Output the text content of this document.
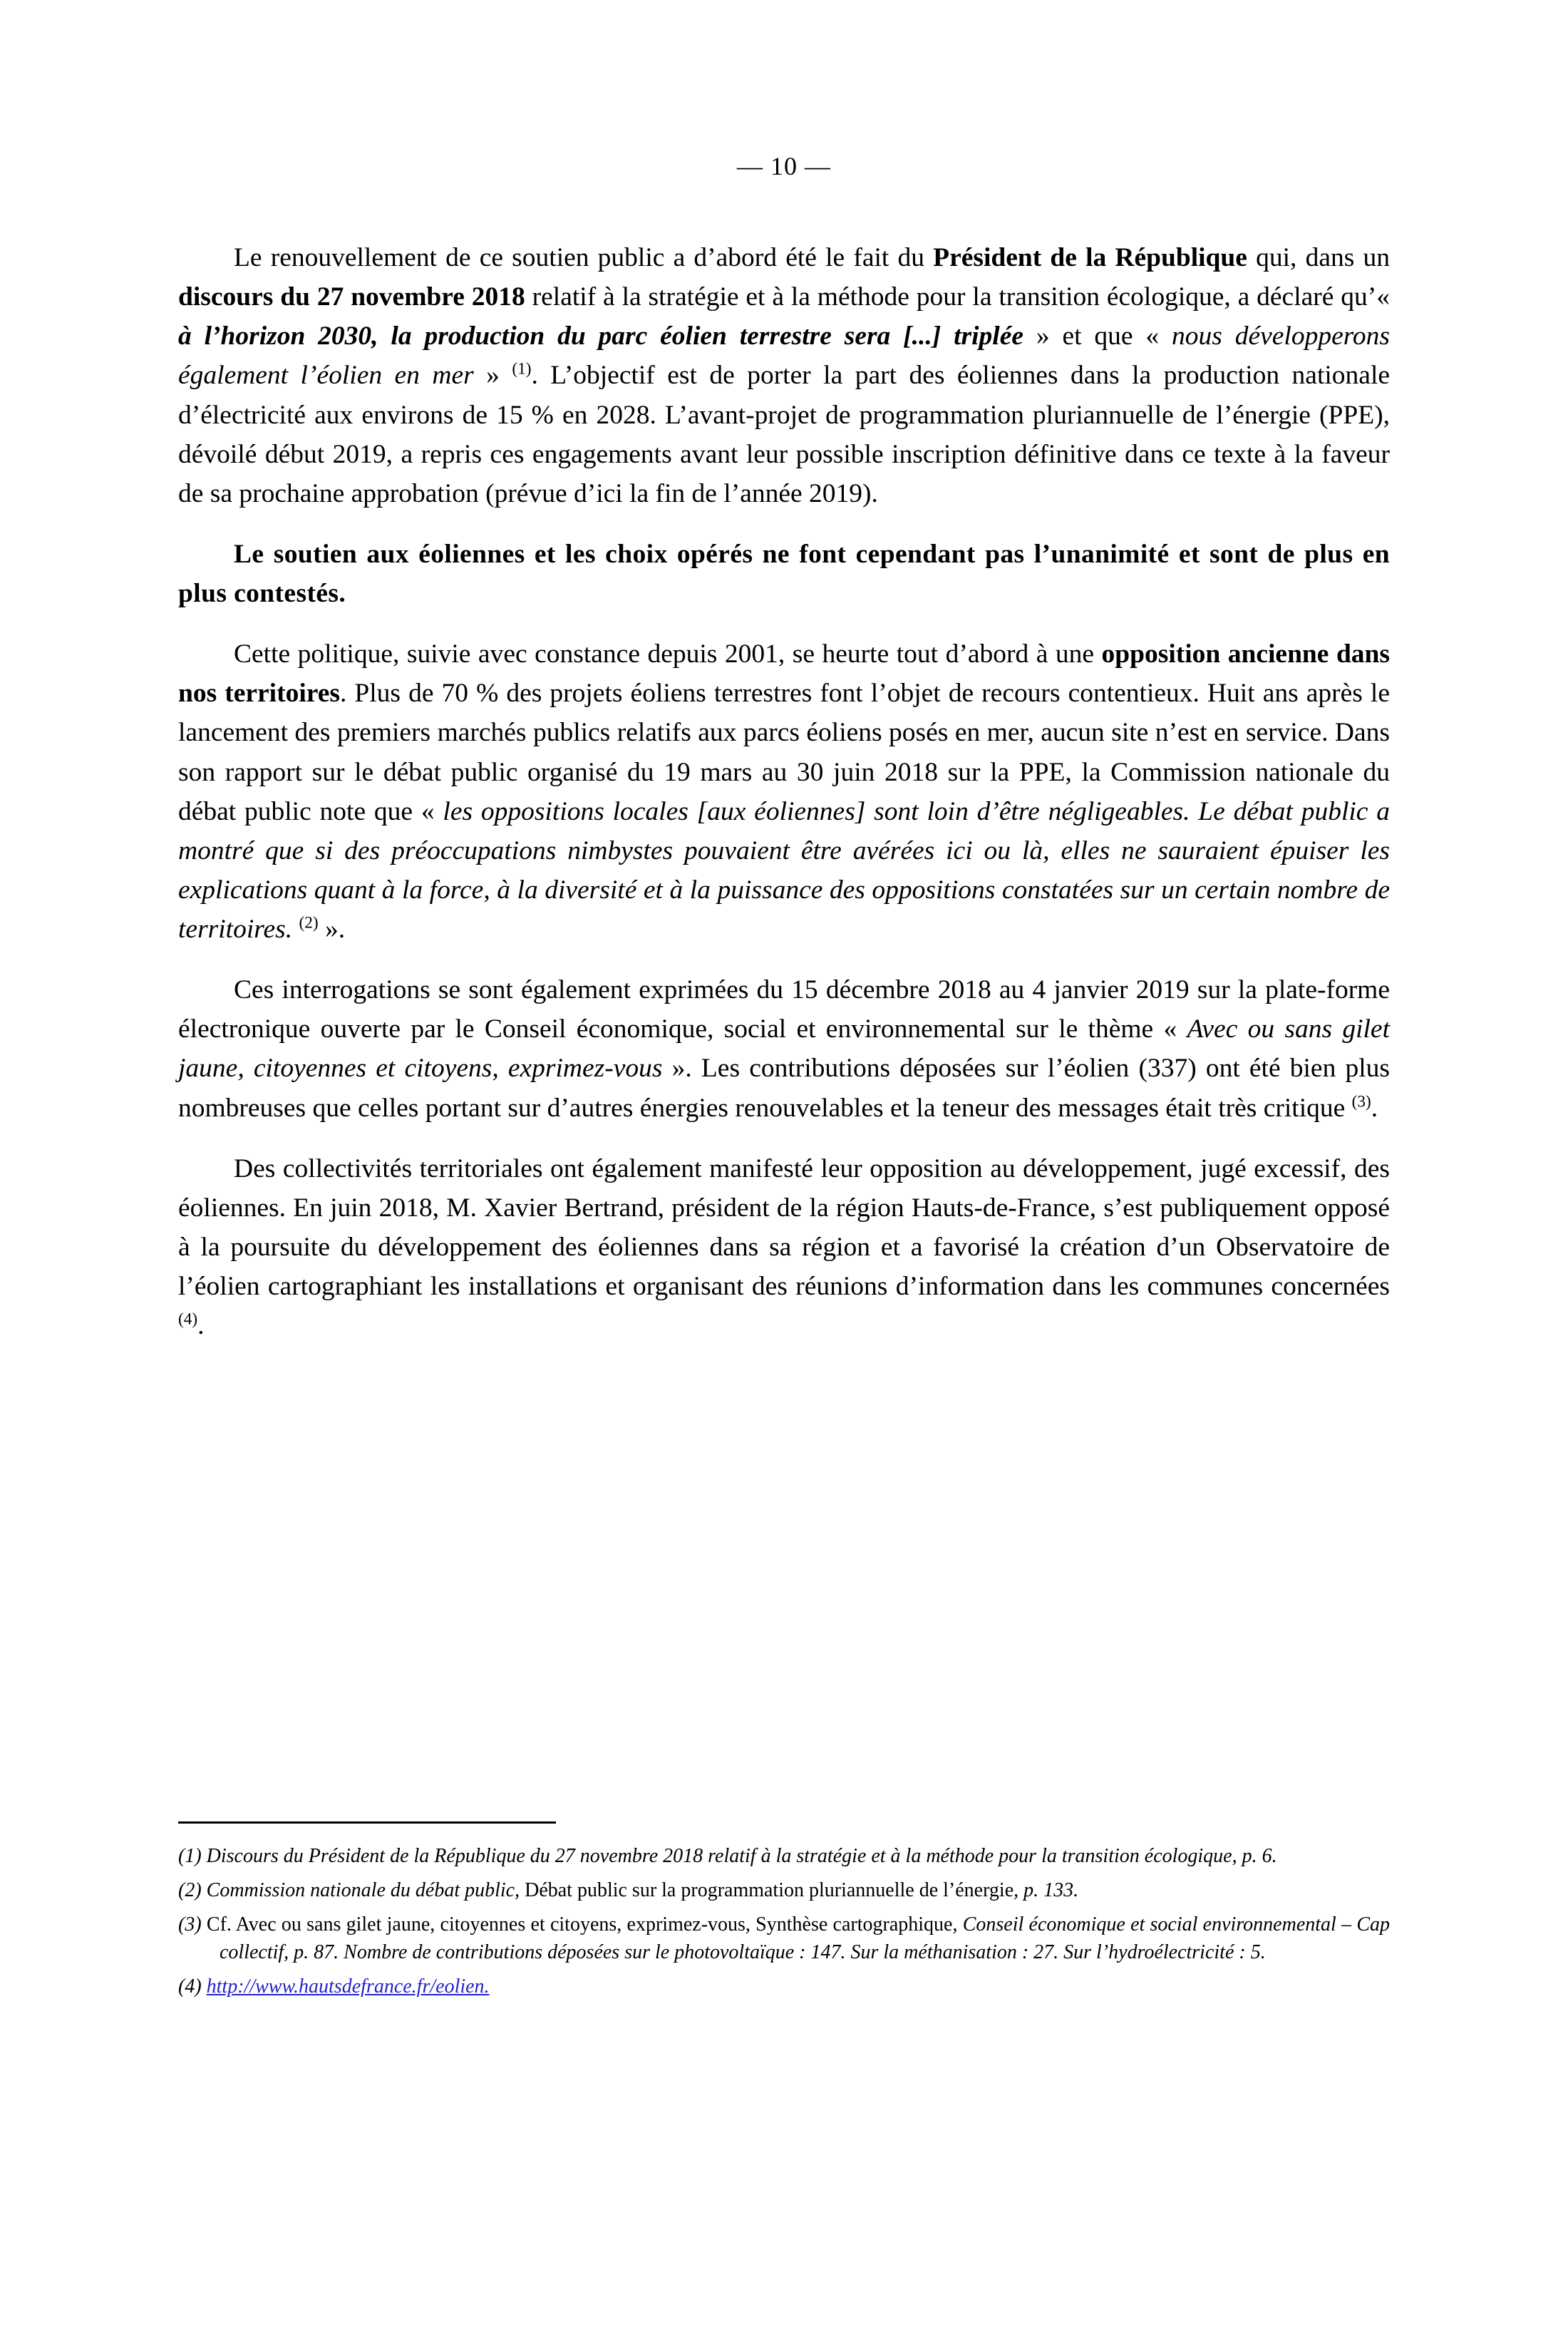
— 10 —

Le renouvellement de ce soutien public a d’abord été le fait du Président de la République qui, dans un discours du 27 novembre 2018 relatif à la stratégie et à la méthode pour la transition écologique, a déclaré qu’« à l’horizon 2030, la production du parc éolien terrestre sera [...] triplée » et que « nous développerons également l’éolien en mer » $^{(1)}$. L’objectif est de porter la part des éoliennes dans la production nationale d’électricité aux environs de 15 % en 2028. L’avant-projet de programmation pluriannuelle de l’énergie (PPE), dévoilé début 2019, a repris ces engagements avant leur possible inscription définitive dans ce texte à la faveur de sa prochaine approbation (prévue d’ici la fin de l’année 2019).

Le soutien aux éoliennes et les choix opérés ne font cependant pas l’unanimité et sont de plus en plus contestés.

Cette politique, suivie avec constance depuis 2001, se heurte tout d’abord à une opposition ancienne dans nos territoires. Plus de 70 % des projets éoliens terrestres font l’objet de recours contentieux. Huit ans après le lancement des premiers marchés publics relatifs aux parcs éoliens posés en mer, aucun site n’est en service. Dans son rapport sur le débat public organisé du 19 mars au 30 juin 2018 sur la PPE, la Commission nationale du débat public note que « les oppositions locales [aux éoliennes] sont loin d’être négligeables. Le débat public a montré que si des préoccupations nimbystes pouvaient être avérées ici ou là, elles ne sauraient épuiser les explications quant à la force, à la diversité et à la puissance des oppositions constatées sur un certain nombre de territoires. $^{(2)}$ ».

Ces interrogations se sont également exprimées du 15 décembre 2018 au 4 janvier 2019 sur la plate-forme électronique ouverte par le Conseil économique, social et environnemental sur le thème « Avec ou sans gilet jaune, citoyennes et citoyens, exprimez-vous ». Les contributions déposées sur l’éolien (337) ont été bien plus nombreuses que celles portant sur d’autres énergies renouvelables et la teneur des messages était très critique $^{(3)}$.

Des collectivités territoriales ont également manifesté leur opposition au développement, jugé excessif, des éoliennes. En juin 2018, M. Xavier Bertrand, président de la région Hauts-de-France, s’est publiquement opposé à la poursuite du développement des éoliennes dans sa région et a favorisé la création d’un Observatoire de l’éolien cartographiant les installations et organisant des réunions d’information dans les communes concernées $^{(4)}$.

(1) Discours du Président de la République du 27 novembre 2018 relatif à la stratégie et à la méthode pour la transition écologique, p. 6.

(2) Commission nationale du débat public, Débat public sur la programmation pluriannuelle de l’énergie, p. 133.

(3) Cf. Avec ou sans gilet jaune, citoyennes et citoyens, exprimez-vous, Synthèse cartographique, Conseil économique et social environnemental – Cap collectif, p. 87. Nombre de contributions déposées sur le photovoltaïque : 147. Sur la méthanisation : 27. Sur l’hydroélectricité : 5.

(4) http://www.hautsdefrance.fr/eolien.
